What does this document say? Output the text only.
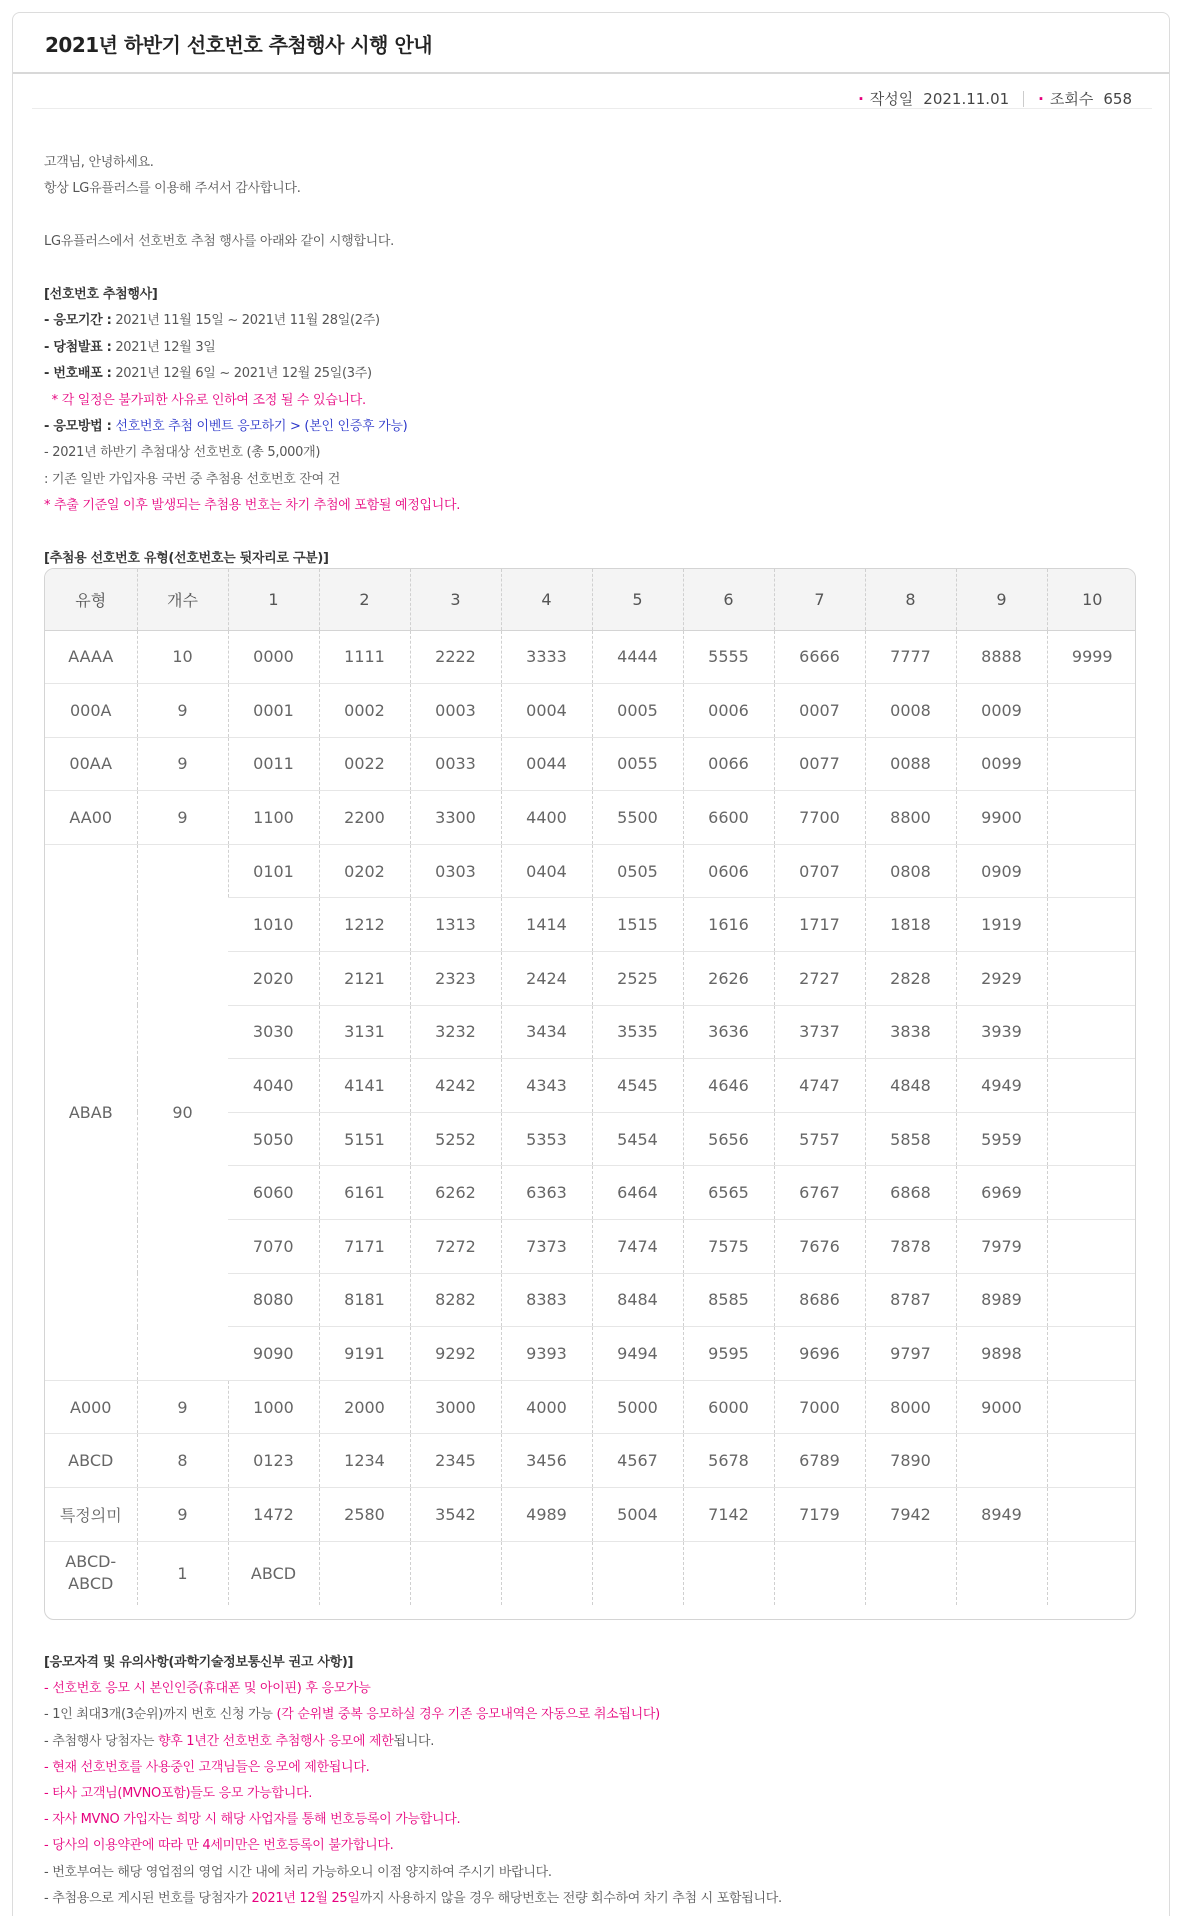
2021년 하반기 선호번호 추첨행사 시행 안내
· 작성일 2021.11.01 · 조회수 658

고객님, 안녕하세요.

항상 LG유플러스를 이용해 주셔서 감사합니다.

LG유플러스에서 선호번호 추첨 행사를 아래와 같이 시행합니다.

[선호번호 추첨행사]

- 응모기간 : 2021년 11월 15일 ~ 2021년 11월 28일(2주)

- 당첨발표 : 2021년 12월 3일

- 번호배포 : 2021년 12월 6일 ~ 2021년 12월 25일(3주)

* 각 일정은 불가피한 사유로 인하여 조정 될 수 있습니다.

- 응모방법 : 선호번호 추첨 이벤트 응모하기 > (본인 인증후 가능)

- 2021년 하반기 추첨대상 선호번호 (총 5,000개)

: 기존 일반 가입자용 국번 중 추첨용 선호번호 잔여 건

* 추출 기준일 이후 발생되는 추첨용 번호는 차기 추첨에 포함될 예정입니다.

[추첨용 선호번호 유형(선호번호는 뒷자리로 구분)]

유형	개수	1	2	3	4	5	6	7	8	9	10
AAAA	10	0000	1111	2222	3333	4444	5555	6666	7777	8888	9999
000A	9	0001	0002	0003	0004	0005	0006	0007	0008	0009	
00AA	9	0011	0022	0033	0044	0055	0066	0077	0088	0099	
AA00	9	1100	2200	3300	4400	5500	6600	7700	8800	9900	
ABAB	90	0101	0202	0303	0404	0505	0606	0707	0808	0909	
		1010	1212	1313	1414	1515	1616	1717	1818	1919	
		2020	2121	2323	2424	2525	2626	2727	2828	2929	
		3030	3131	3232	3434	3535	3636	3737	3838	3939	
		4040	4141	4242	4343	4545	4646	4747	4848	4949	
		5050	5151	5252	5353	5454	5656	5757	5858	5959	
		6060	6161	6262	6363	6464	6565	6767	6868	6969	
		7070	7171	7272	7373	7474	7575	7676	7878	7979	
		8080	8181	8282	8383	8484	8585	8686	8787	8989	
		9090	9191	9292	9393	9494	9595	9696	9797	9898	
A000	9	1000	2000	3000	4000	5000	6000	7000	8000	9000	
ABCD	8	0123	1234	2345	3456	4567	5678	6789	7890		
특정의미	9	1472	2580	3542	4989	5004	7142	7179	7942	8949	

ABCD-
ABCD	1	ABCD									

[응모자격 및 유의사항(과학기술정보통신부 권고 사항)]

- 선호번호 응모 시 본인인증(휴대폰 및 아이핀) 후 응모가능

- 1인 최대3개(3순위)까지 번호 신청 가능 (각 순위별 중복 응모하실 경우 기존 응모내역은 자동으로 취소됩니다)

- 추첨행사 당첨자는 향후 1년간 선호번호 추첨행사 응모에 제한됩니다.

- 현재 선호번호를 사용중인 고객님들은 응모에 제한됩니다.

- 타사 고객님(MVNO포함)들도 응모 가능합니다.

- 자사 MVNO 가입자는 희망 시 해당 사업자를 통해 번호등록이 가능합니다.

- 당사의 이용약관에 따라 만 4세미만은 번호등록이 불가합니다.

- 번호부여는 해당 영업점의 영업 시간 내에 처리 가능하오니 이점 양지하여 주시기 바랍니다.

- 추첨용으로 게시된 번호를 당첨자가 2021년 12월 25일까지 사용하지 않을 경우 해당번호는 전량 회수하여 차기 추첨 시 포함됩니다.
